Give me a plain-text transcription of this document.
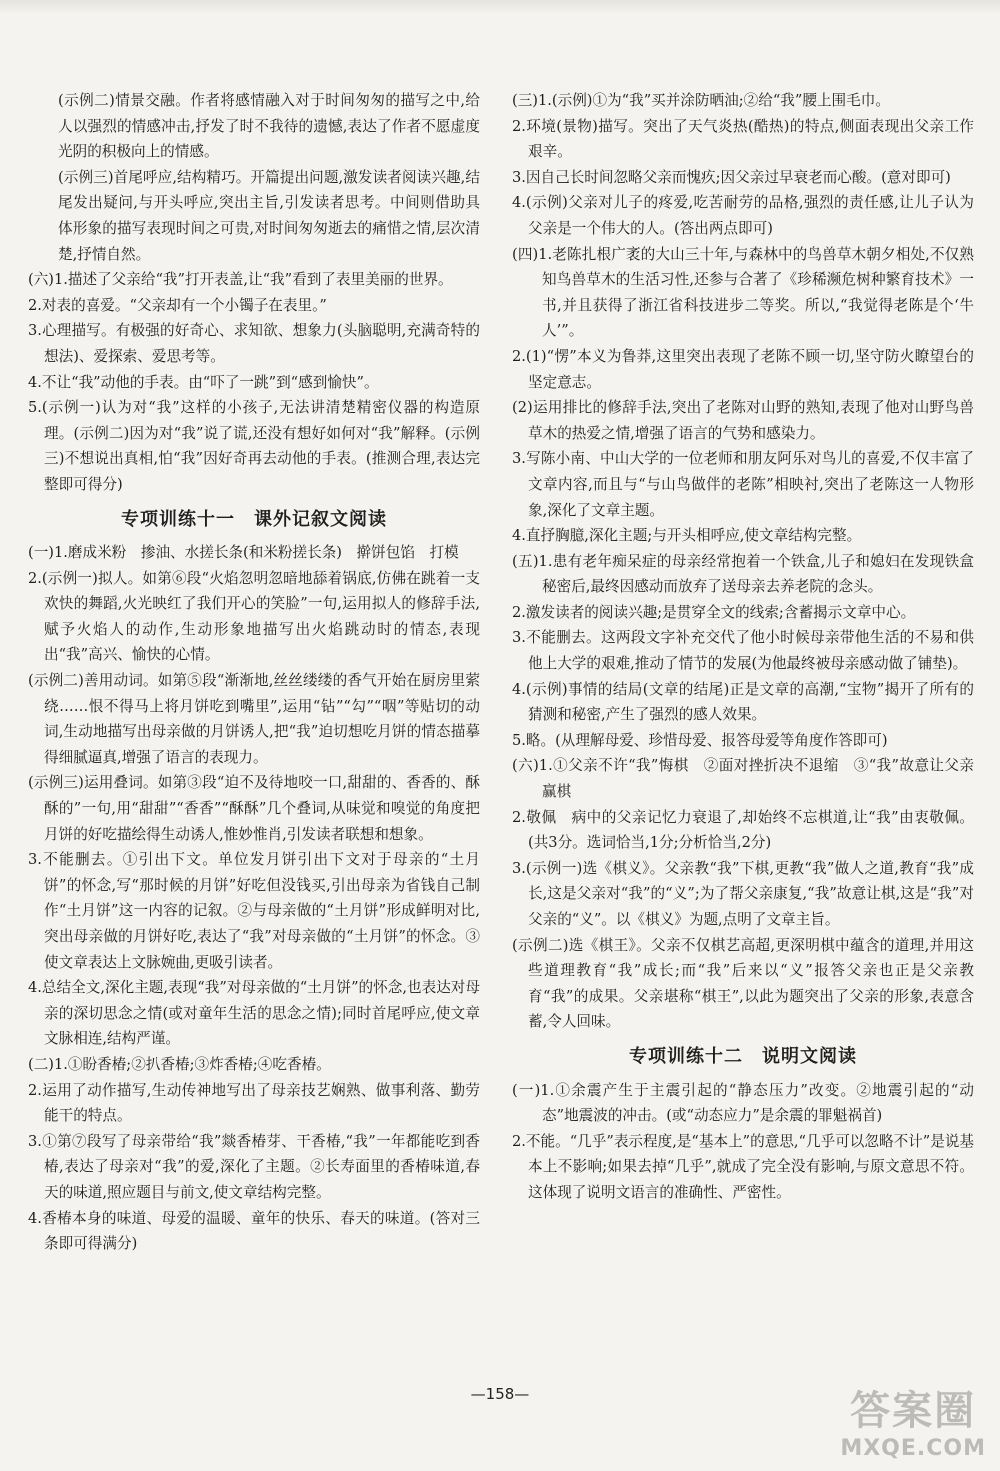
(示例二)情景交融。作者将感情融入对于时间匆匆的描写之中,给人以强烈的情感冲击,抒发了时不我待的遗憾,表达了作者不愿虚度光阴的积极向上的情感。
(示例三)首尾呼应,结构精巧。开篇提出问题,激发读者阅读兴趣,结尾发出疑问,与开头呼应,突出主旨,引发读者思考。中间则借助具体形象的描写表现时间之可贵,对时间匆匆逝去的痛惜之情,层次清楚,抒情自然。
(六)1.描述了父亲给“我”打开表盖,让“我”看到了表里美丽的世界。
2.对表的喜爱。“父亲却有一个小镯子在表里。”
3.心理描写。有极强的好奇心、求知欲、想象力(头脑聪明,充满奇特的想法)、爱探索、爱思考等。
4.不让“我”动他的手表。由“吓了一跳”到“感到愉快”。
5.(示例一)认为对“我”这样的小孩子,无法讲清楚精密仪器的构造原理。(示例二)因为对“我”说了谎,还没有想好如何对“我”解释。(示例三)不想说出真相,怕“我”因好奇再去动他的手表。(推测合理,表达完整即可得分)
专项训练十一　课外记叙文阅读
(一)1.磨成米粉　掺油、水搓长条(和米粉搓长条)　擀饼包馅　打模
2.(示例一)拟人。如第⑥段“火焰忽明忽暗地舔着锅底,仿佛在跳着一支欢快的舞蹈,火光映红了我们开心的笑脸”一句,运用拟人的修辞手法,赋予火焰人的动作,生动形象地描写出火焰跳动时的情态,表现出“我”高兴、愉快的心情。
(示例二)善用动词。如第⑤段“渐渐地,丝丝缕缕的香气开始在厨房里萦绕……恨不得马上将月饼吃到嘴里”,运用“钻”“勾”“咽”等贴切的动词,生动地描写出母亲做的月饼诱人,把“我”迫切想吃月饼的情态描摹得细腻逼真,增强了语言的表现力。
(示例三)运用叠词。如第③段“迫不及待地咬一口,甜甜的、香香的、酥酥的”一句,用“甜甜”“香香”“酥酥”几个叠词,从味觉和嗅觉的角度把月饼的好吃描绘得生动诱人,惟妙惟肖,引发读者联想和想象。
3.不能删去。①引出下文。单位发月饼引出下文对于母亲的“土月饼”的怀念,写“那时候的月饼”好吃但没钱买,引出母亲为省钱自己制作“土月饼”这一内容的记叙。②与母亲做的“土月饼”形成鲜明对比,突出母亲做的月饼好吃,表达了“我”对母亲做的“土月饼”的怀念。③使文章表达上文脉婉曲,更吸引读者。
4.总结全文,深化主题,表现“我”对母亲做的“土月饼”的怀念,也表达对母亲的深切思念之情(或对童年生活的思念之情);同时首尾呼应,使文章文脉相连,结构严谨。
(二)1.①盼香椿;②扒香椿;③炸香椿;④吃香椿。
2.运用了动作描写,生动传神地写出了母亲技艺娴熟、做事利落、勤劳能干的特点。
3.①第⑦段写了母亲带给“我”燚香椿芽、干香椿,“我”一年都能吃到香椿,表达了母亲对“我”的爱,深化了主题。②长寿面里的香椿味道,春天的味道,照应题目与前文,使文章结构完整。
4.香椿本身的味道、母爱的温暖、童年的快乐、春天的味道。(答对三条即可得满分)
(三)1.(示例)①为“我”买并涂防晒油;②给“我”腰上围毛巾。
2.环境(景物)描写。突出了天气炎热(酷热)的特点,侧面表现出父亲工作艰辛。
3.因自己长时间忽略父亲而愧疚;因父亲过早衰老而心酸。(意对即可)
4.(示例)父亲对儿子的疼爱,吃苦耐劳的品格,强烈的责任感,让儿子认为父亲是一个伟大的人。(答出两点即可)
(四)1.老陈扎根广袤的大山三十年,与森林中的鸟兽草木朝夕相处,不仅熟知鸟兽草木的生活习性,还参与合著了《珍稀濒危树种繁育技术》一书,并且获得了浙江省科技进步二等奖。所以,“我觉得老陈是个‘牛人’”。
2.(1)“愣”本义为鲁莽,这里突出表现了老陈不顾一切,坚守防火瞭望台的坚定意志。
(2)运用排比的修辞手法,突出了老陈对山野的熟知,表现了他对山野鸟兽草木的热爱之情,增强了语言的气势和感染力。
3.写陈小南、中山大学的一位老师和朋友阿乐对鸟儿的喜爱,不仅丰富了文章内容,而且与“与山鸟做伴的老陈”相映衬,突出了老陈这一人物形象,深化了文章主题。
4.直抒胸臆,深化主题;与开头相呼应,使文章结构完整。
(五)1.患有老年痴呆症的母亲经常抱着一个铁盒,儿子和媳妇在发现铁盒秘密后,最终因感动而放弃了送母亲去养老院的念头。
2.激发读者的阅读兴趣;是贯穿全文的线索;含蓄揭示文章中心。
3.不能删去。这两段文字补充交代了他小时候母亲带他生活的不易和供他上大学的艰难,推动了情节的发展(为他最终被母亲感动做了铺垫)。
4.(示例)事情的结局(文章的结尾)正是文章的高潮,“宝物”揭开了所有的猜测和秘密,产生了强烈的感人效果。
5.略。(从理解母爱、珍惜母爱、报答母爱等角度作答即可)
(六)1.①父亲不许“我”悔棋　②面对挫折决不退缩　③“我”故意让父亲赢棋
2.敬佩　病中的父亲记忆力衰退了,却始终不忘棋道,让“我”由衷敬佩。(共3分。选词恰当,1分;分析恰当,2分)
3.(示例一)选《棋义》。父亲教“我”下棋,更教“我”做人之道,教育“我”成长,这是父亲对“我”的“义”;为了帮父亲康复,“我”故意让棋,这是“我”对父亲的“义”。以《棋义》为题,点明了文章主旨。
(示例二)选《棋王》。父亲不仅棋艺高超,更深明棋中蕴含的道理,并用这些道理教育“我”成长;而“我”后来以“义”报答父亲也正是父亲教育“我”的成果。父亲堪称“棋王”,以此为题突出了父亲的形象,表意含蓄,令人回味。
专项训练十二　说明文阅读
(一)1.①余震产生于主震引起的“静态压力”改变。②地震引起的“动态”地震波的冲击。(或“动态应力”是余震的罪魁祸首)
2.不能。“几乎”表示程度,是“基本上”的意思,“几乎可以忽略不计”是说基本上不影响;如果去掉“几乎”,就成了完全没有影响,与原文意思不符。这体现了说明文语言的准确性、严密性。
—158—	答案圈
MXQE.COM
